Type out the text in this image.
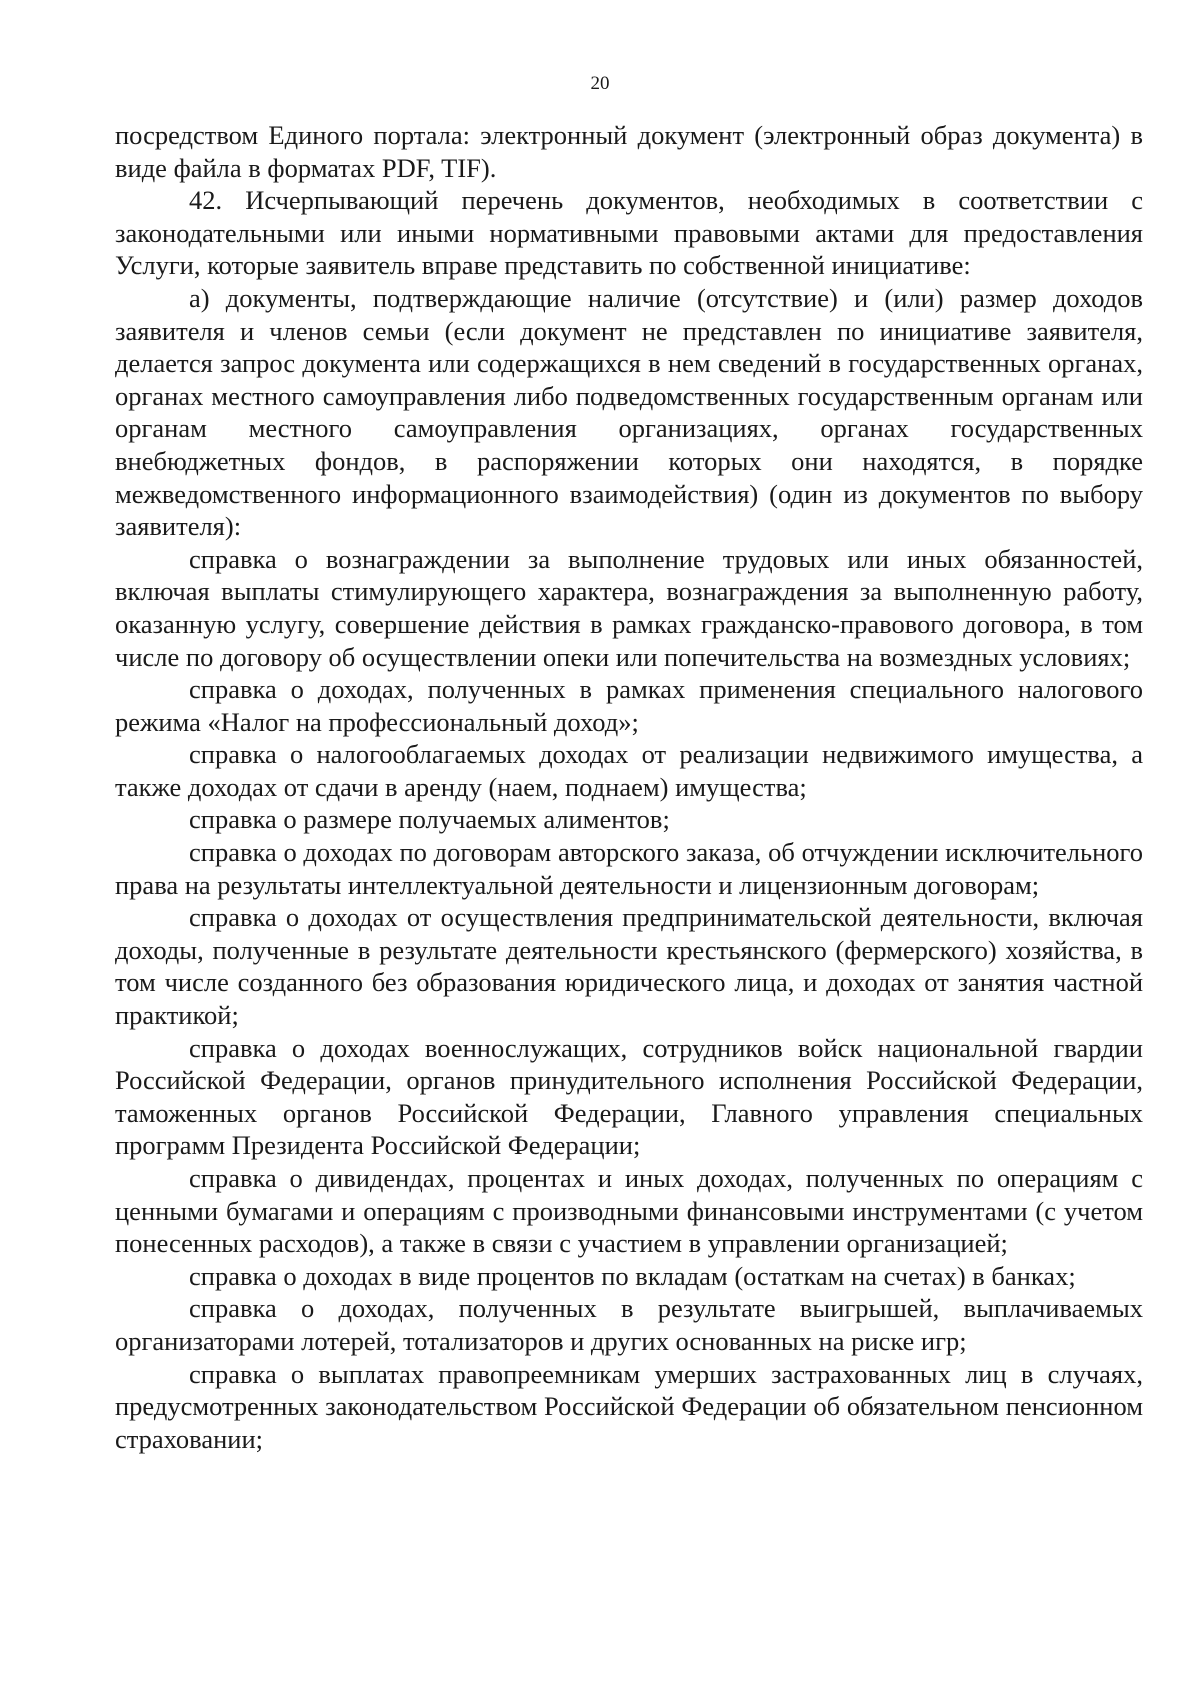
20

посредством Единого портала: электронный документ (электронный образ документа) в виде файла в форматах PDF, TIF).

42. Исчерпывающий перечень документов, необходимых в соответствии с законодательными или иными нормативными правовыми актами для предоставления Услуги, которые заявитель вправе представить по собственной инициативе:

а) документы, подтверждающие наличие (отсутствие) и (или) размер доходов заявителя и членов семьи (если документ не представлен по инициативе заявителя, делается запрос документа или содержащихся в нем сведений в государственных органах, органах местного самоуправления либо подведомственных государственным органам или органам местного самоуправления организациях, органах государственных внебюджетных фондов, в распоряжении которых они находятся, в порядке межведомственного информационного взаимодействия) (один из документов по выбору заявителя):

справка о вознаграждении за выполнение трудовых или иных обязанностей, включая выплаты стимулирующего характера, вознаграждения за выполненную работу, оказанную услугу, совершение действия в рамках гражданско-правового договора, в том числе по договору об осуществлении опеки или попечительства на возмездных условиях;

справка о доходах, полученных в рамках применения специального налогового режима «Налог на профессиональный доход»;

справка о налогооблагаемых доходах от реализации недвижимого имущества, а также доходах от сдачи в аренду (наем, поднаем) имущества;

справка о размере получаемых алиментов;

справка о доходах по договорам авторского заказа, об отчуждении исключительного права на результаты интеллектуальной деятельности и лицензионным договорам;

справка о доходах от осуществления предпринимательской деятельности, включая доходы, полученные в результате деятельности крестьянского (фермерского) хозяйства, в том числе созданного без образования юридического лица, и доходах от занятия частной практикой;

справка о доходах военнослужащих, сотрудников войск национальной гвардии Российской Федерации, органов принудительного исполнения Российской Федерации, таможенных органов Российской Федерации, Главного управления специальных программ Президента Российской Федерации;

справка о дивидендах, процентах и иных доходах, полученных по операциям с ценными бумагами и операциям с производными финансовыми инструментами (с учетом понесенных расходов), а также в связи с участием в управлении организацией;

справка о доходах в виде процентов по вкладам (остаткам на счетах) в банках;

справка о доходах, полученных в результате выигрышей, выплачиваемых организаторами лотерей, тотализаторов и других основанных на риске игр;

справка о выплатах правопреемникам умерших застрахованных лиц в случаях, предусмотренных законодательством Российской Федерации об обязательном пенсионном страховании;
